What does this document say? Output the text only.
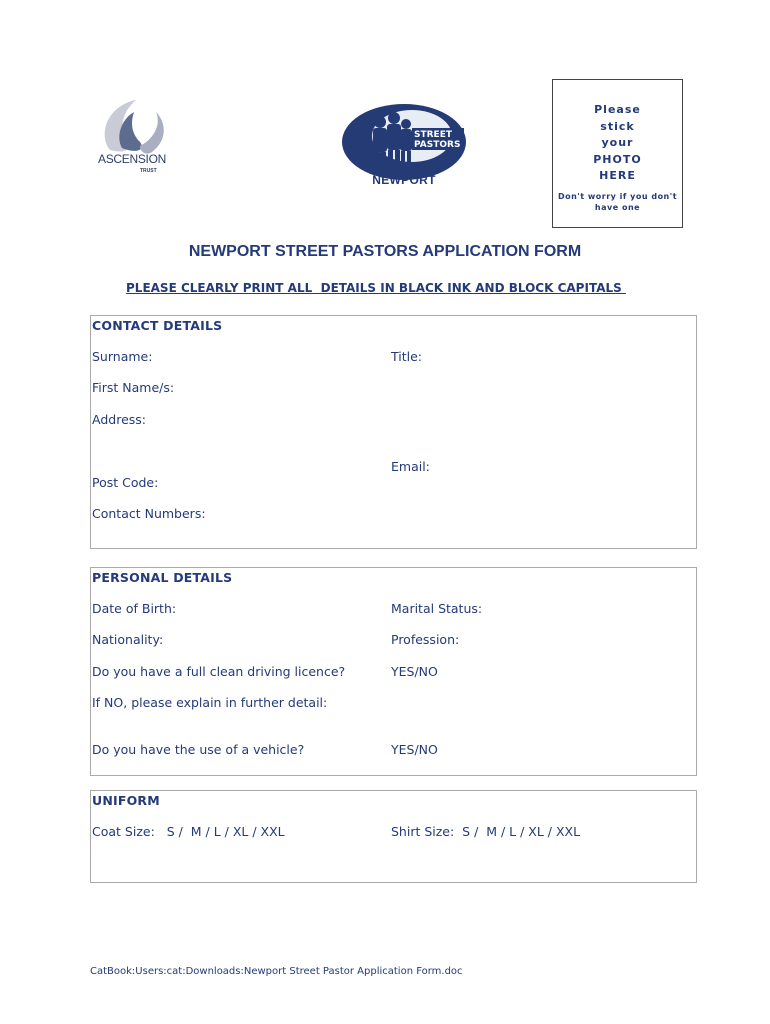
ASCENSION
TRUST
STREET
PASTORS
NEWPORT
Please
stick
your
PHOTO
HERE
Don't worry if you don't
have one
NEWPORT STREET PASTORS APPLICATION FORM
PLEASE CLEARLY PRINT ALL  DETAILS IN BLACK INK AND BLOCK CAPITALS
CONTACT DETAILS
Surname:	Title:
First Name/s:
Address:
Email:
Post Code:
Contact Numbers:
PERSONAL DETAILS
Date of Birth:	Marital Status:
Nationality:	Profession:
Do you have a full clean driving licence?	YES/NO
If NO, please explain in further detail:
Do you have the use of a vehicle?	YES/NO
UNIFORM
Coat Size:   S /  M / L / XL / XXL	Shirt Size:  S /  M / L / XL / XXL
CatBook:Users:cat:Downloads:Newport Street Pastor Application Form.doc
